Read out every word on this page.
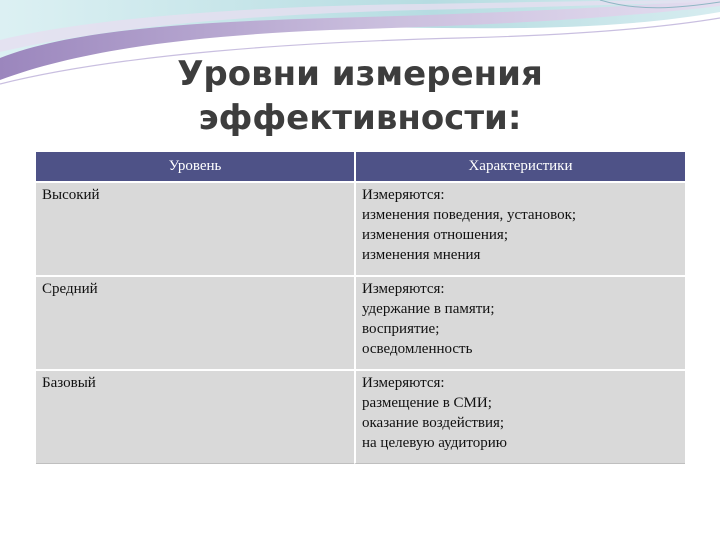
Уровни измерения
эффективности:
Уровень	Характеристики
Высокий	Измеряются:
изменения поведения, установок;
изменения отношения;
изменения мнения

Средний	Измеряются:
удержание в памяти;
восприятие;
осведомленность

Базовый	Измеряются:
размещение в СМИ;
оказание воздействия;
на целевую аудиторию
